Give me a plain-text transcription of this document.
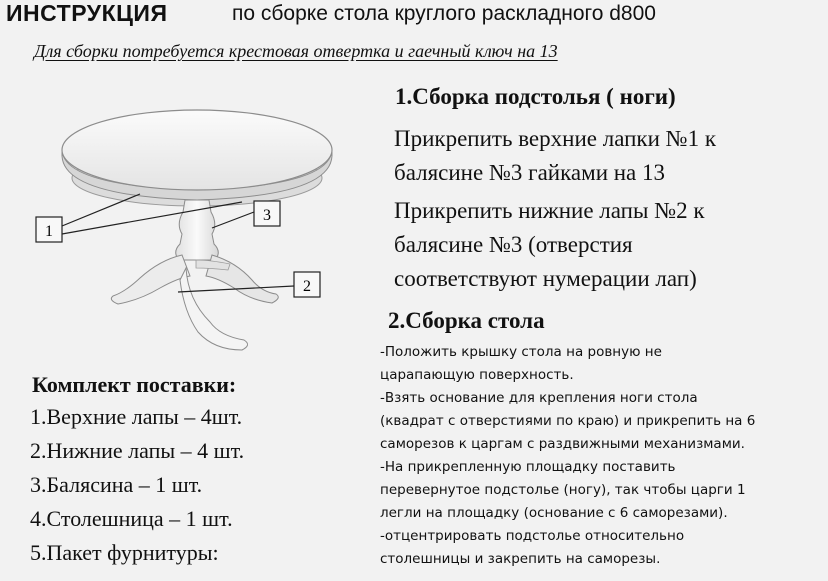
ИНСТРУКЦИЯ	по сборке стола круглого раскладного d800
Для сборки потребуется крестовая отвертка и гаечный ключ на 13
1
3
2
1.Сборка подстолья ( ноги)
Прикрепить верхние лапки №1 к
балясине №3 гайками на 13
Прикрепить нижние лапы №2 к
балясине №3 (отверстия
соответствуют нумерации лап)
2.Сборка стола
-Положить крышку стола на ровную не
царапающую поверхность.
-Взять основание для крепления ноги стола
(квадрат с отверстиями по краю) и прикрепить на 6
саморезов к царгам с раздвижными механизмами.
-На прикрепленную площадку поставить
перевернутое подстолье (ногу), так чтобы царги 1
легли на площадку (основание с 6 саморезами).
-отцентрировать подстолье относительно
столешницы и закрепить на саморезы.
Комплект поставки:
1.Верхние лапы – 4шт.
2.Нижние лапы – 4 шт.
3.Балясина – 1 шт.
4.Столешница – 1 шт.
5.Пакет фурнитуры:
